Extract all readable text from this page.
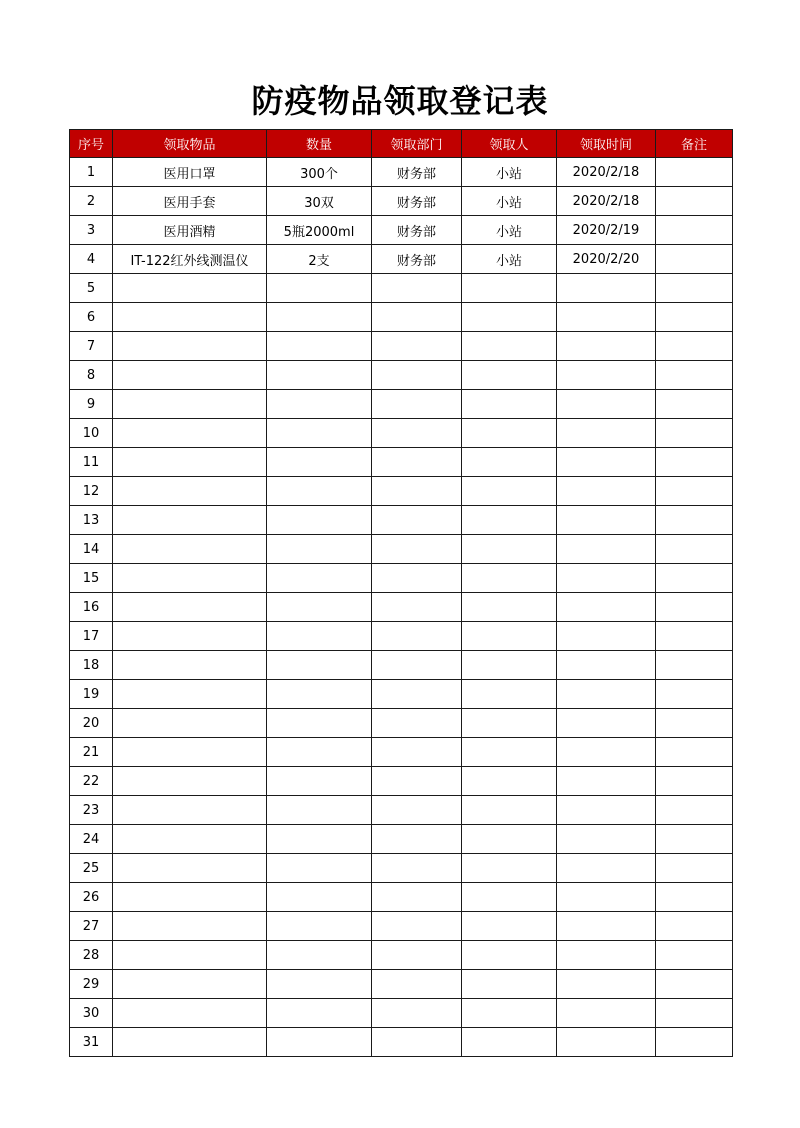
防疫物品领取登记表
序号	领取物品	数量	领取部门	领取人	领取时间	备注
1	医用口罩	300个	财务部	小站	2020/2/18	
2	医用手套	30双	财务部	小站	2020/2/18	
3	医用酒精	5瓶2000ml	财务部	小站	2020/2/19	
4	IT-122红外线测温仪	2支	财务部	小站	2020/2/20	
5						
6						
7						
8						
9						
10						
11						
12						
13						
14						
15						
16						
17						
18						
19						
20						
21						
22						
23						
24						
25						
26						
27						
28						
29						
30						
31						
